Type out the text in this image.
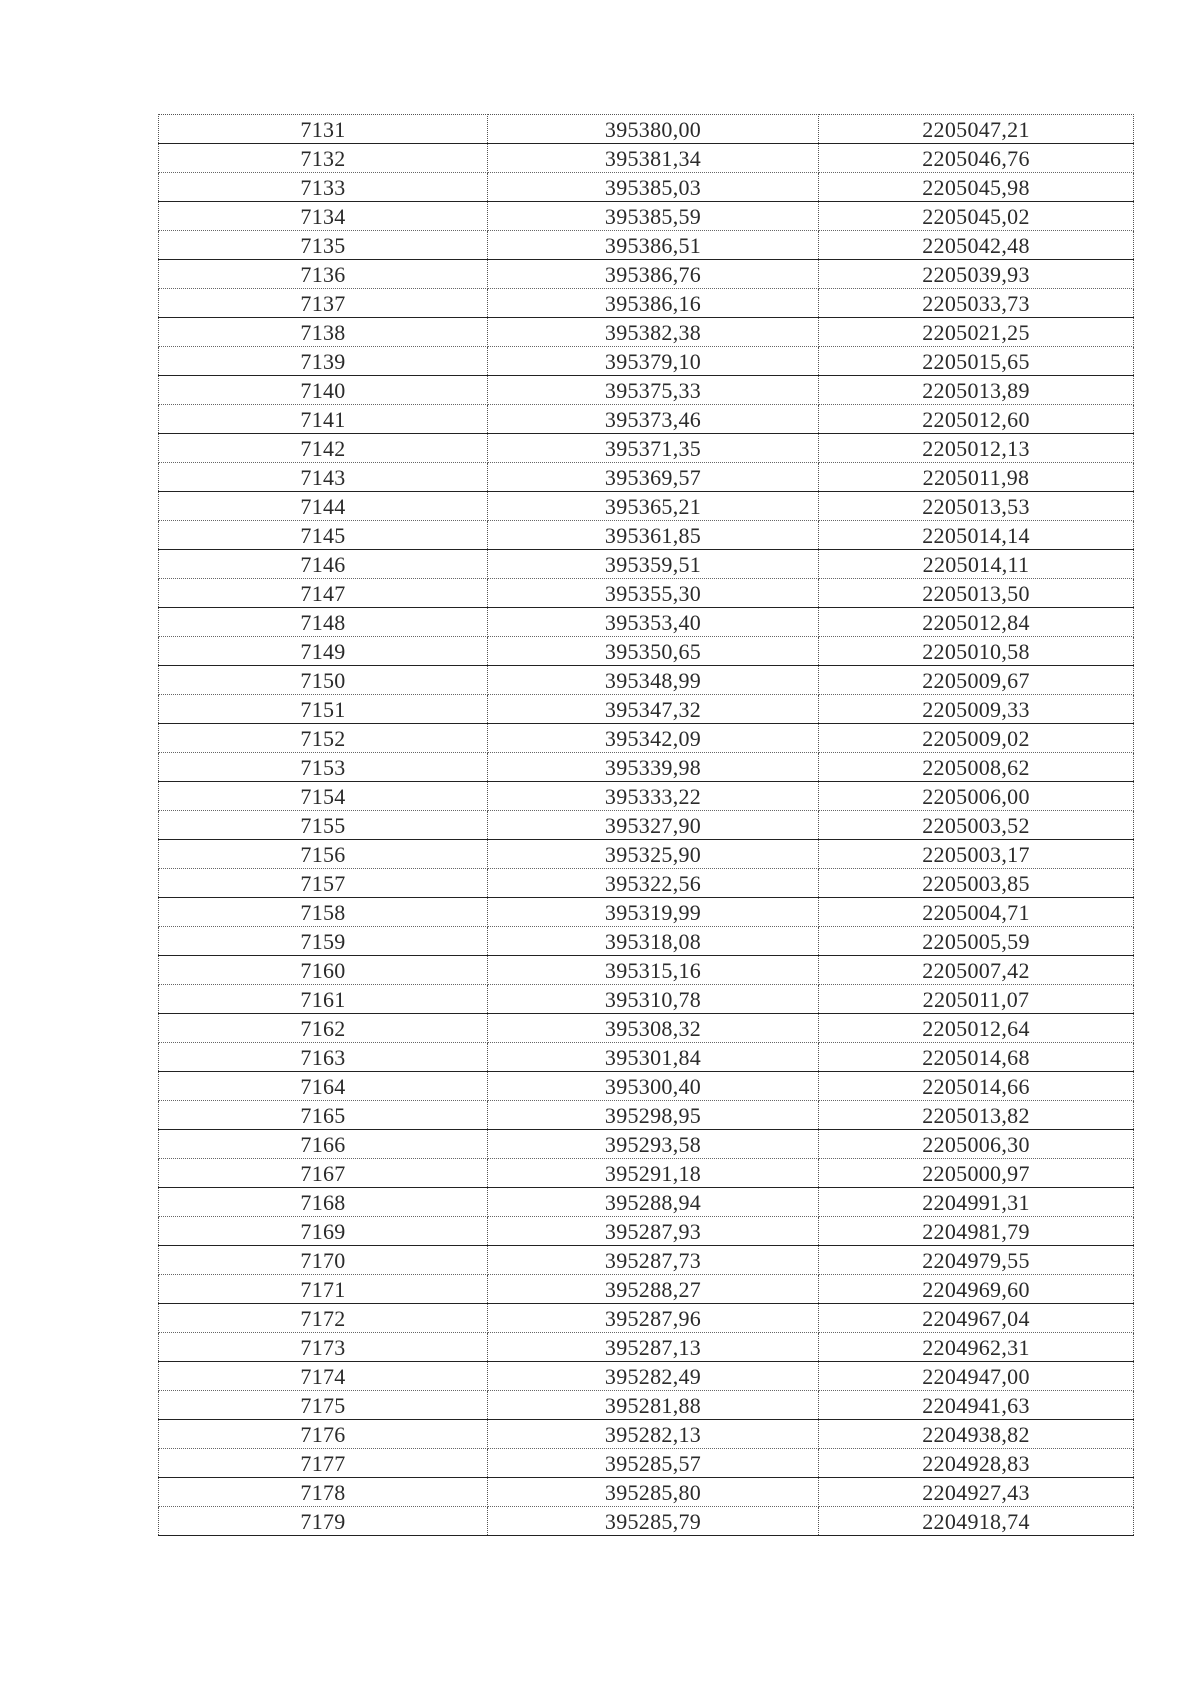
7131	395380,00	2205047,21
7132	395381,34	2205046,76
7133	395385,03	2205045,98
7134	395385,59	2205045,02
7135	395386,51	2205042,48
7136	395386,76	2205039,93
7137	395386,16	2205033,73
7138	395382,38	2205021,25
7139	395379,10	2205015,65
7140	395375,33	2205013,89
7141	395373,46	2205012,60
7142	395371,35	2205012,13
7143	395369,57	2205011,98
7144	395365,21	2205013,53
7145	395361,85	2205014,14
7146	395359,51	2205014,11
7147	395355,30	2205013,50
7148	395353,40	2205012,84
7149	395350,65	2205010,58
7150	395348,99	2205009,67
7151	395347,32	2205009,33
7152	395342,09	2205009,02
7153	395339,98	2205008,62
7154	395333,22	2205006,00
7155	395327,90	2205003,52
7156	395325,90	2205003,17
7157	395322,56	2205003,85
7158	395319,99	2205004,71
7159	395318,08	2205005,59
7160	395315,16	2205007,42
7161	395310,78	2205011,07
7162	395308,32	2205012,64
7163	395301,84	2205014,68
7164	395300,40	2205014,66
7165	395298,95	2205013,82
7166	395293,58	2205006,30
7167	395291,18	2205000,97
7168	395288,94	2204991,31
7169	395287,93	2204981,79
7170	395287,73	2204979,55
7171	395288,27	2204969,60
7172	395287,96	2204967,04
7173	395287,13	2204962,31
7174	395282,49	2204947,00
7175	395281,88	2204941,63
7176	395282,13	2204938,82
7177	395285,57	2204928,83
7178	395285,80	2204927,43
7179	395285,79	2204918,74
